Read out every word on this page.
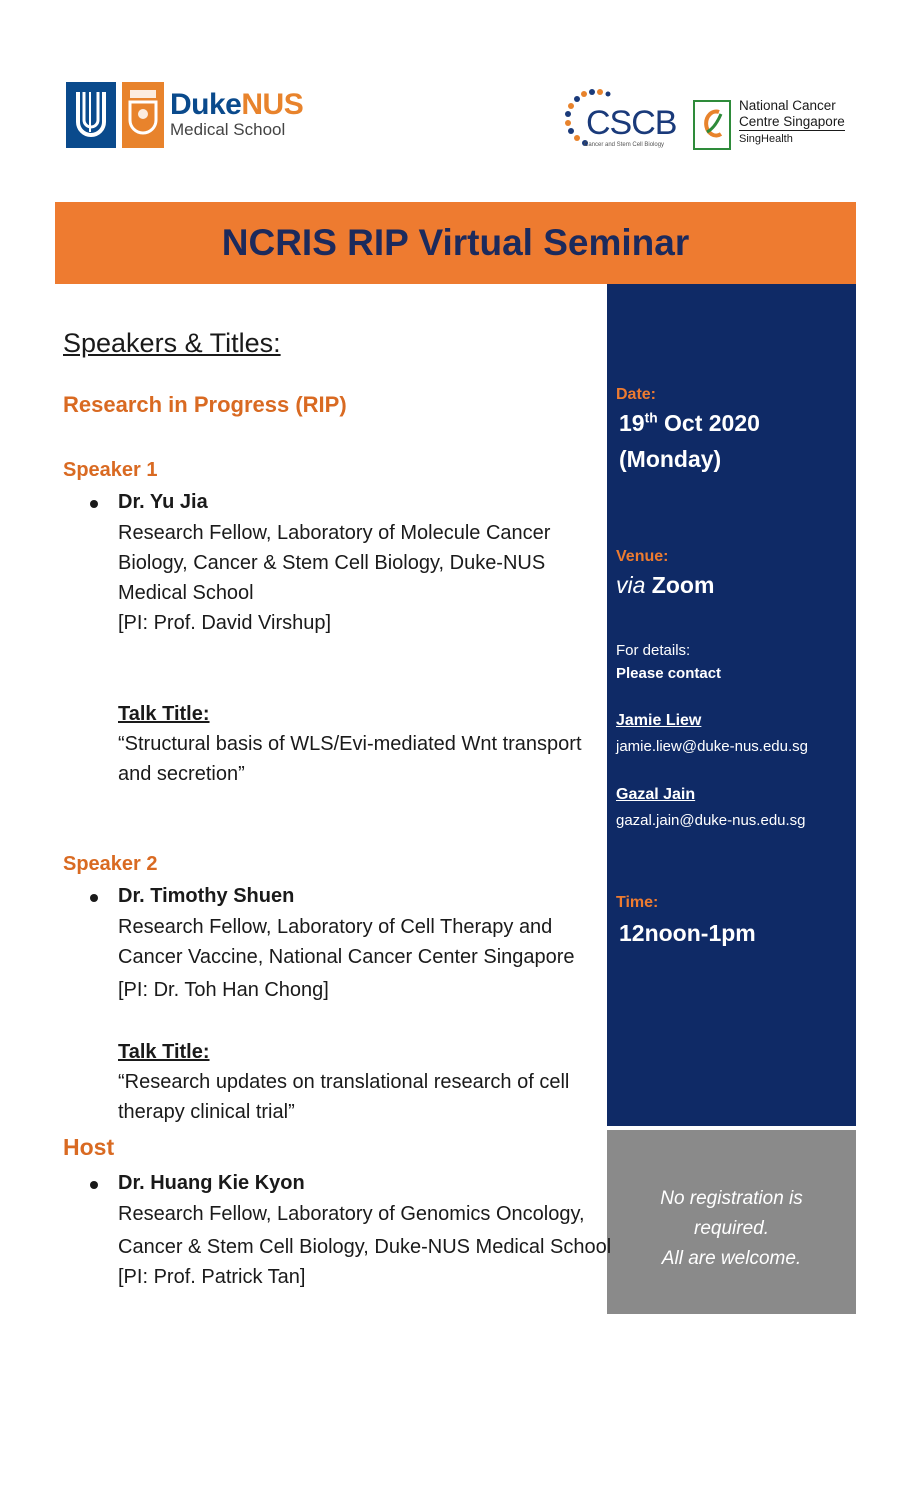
DukeNUS
Medical School	CSCB
Cancer and Stem Cell Biology
National Cancer
Centre Singapore
SingHealth
NCRIS RIP Virtual Seminar
Date:
19th Oct 2020
(Monday)
Venue:
via Zoom
For details:
Please contact
Jamie Liew
jamie.liew@duke-nus.edu.sg
Gazal Jain
gazal.jain@duke-nus.edu.sg
Time:
12noon-1pm
No registration is
required.
All are welcome.
Speakers & Titles:
Research in Progress (RIP)
Speaker 1
Dr. Yu Jia
Research Fellow, Laboratory of Molecule Cancer
Biology, Cancer & Stem Cell Biology, Duke-NUS
Medical School
[PI: Prof. David Virshup]
Talk Title:
“Structural basis of WLS/Evi-mediated Wnt transport
and secretion”
Speaker 2
Dr. Timothy Shuen
Research Fellow, Laboratory of Cell Therapy and
Cancer Vaccine, National Cancer Center Singapore
[PI: Dr. Toh Han Chong]
Talk Title:
“Research updates on translational research of cell
therapy clinical trial”
Host
Dr. Huang Kie Kyon
Research Fellow, Laboratory of Genomics Oncology,
Cancer & Stem Cell Biology, Duke-NUS Medical School
[PI: Prof. Patrick Tan]
